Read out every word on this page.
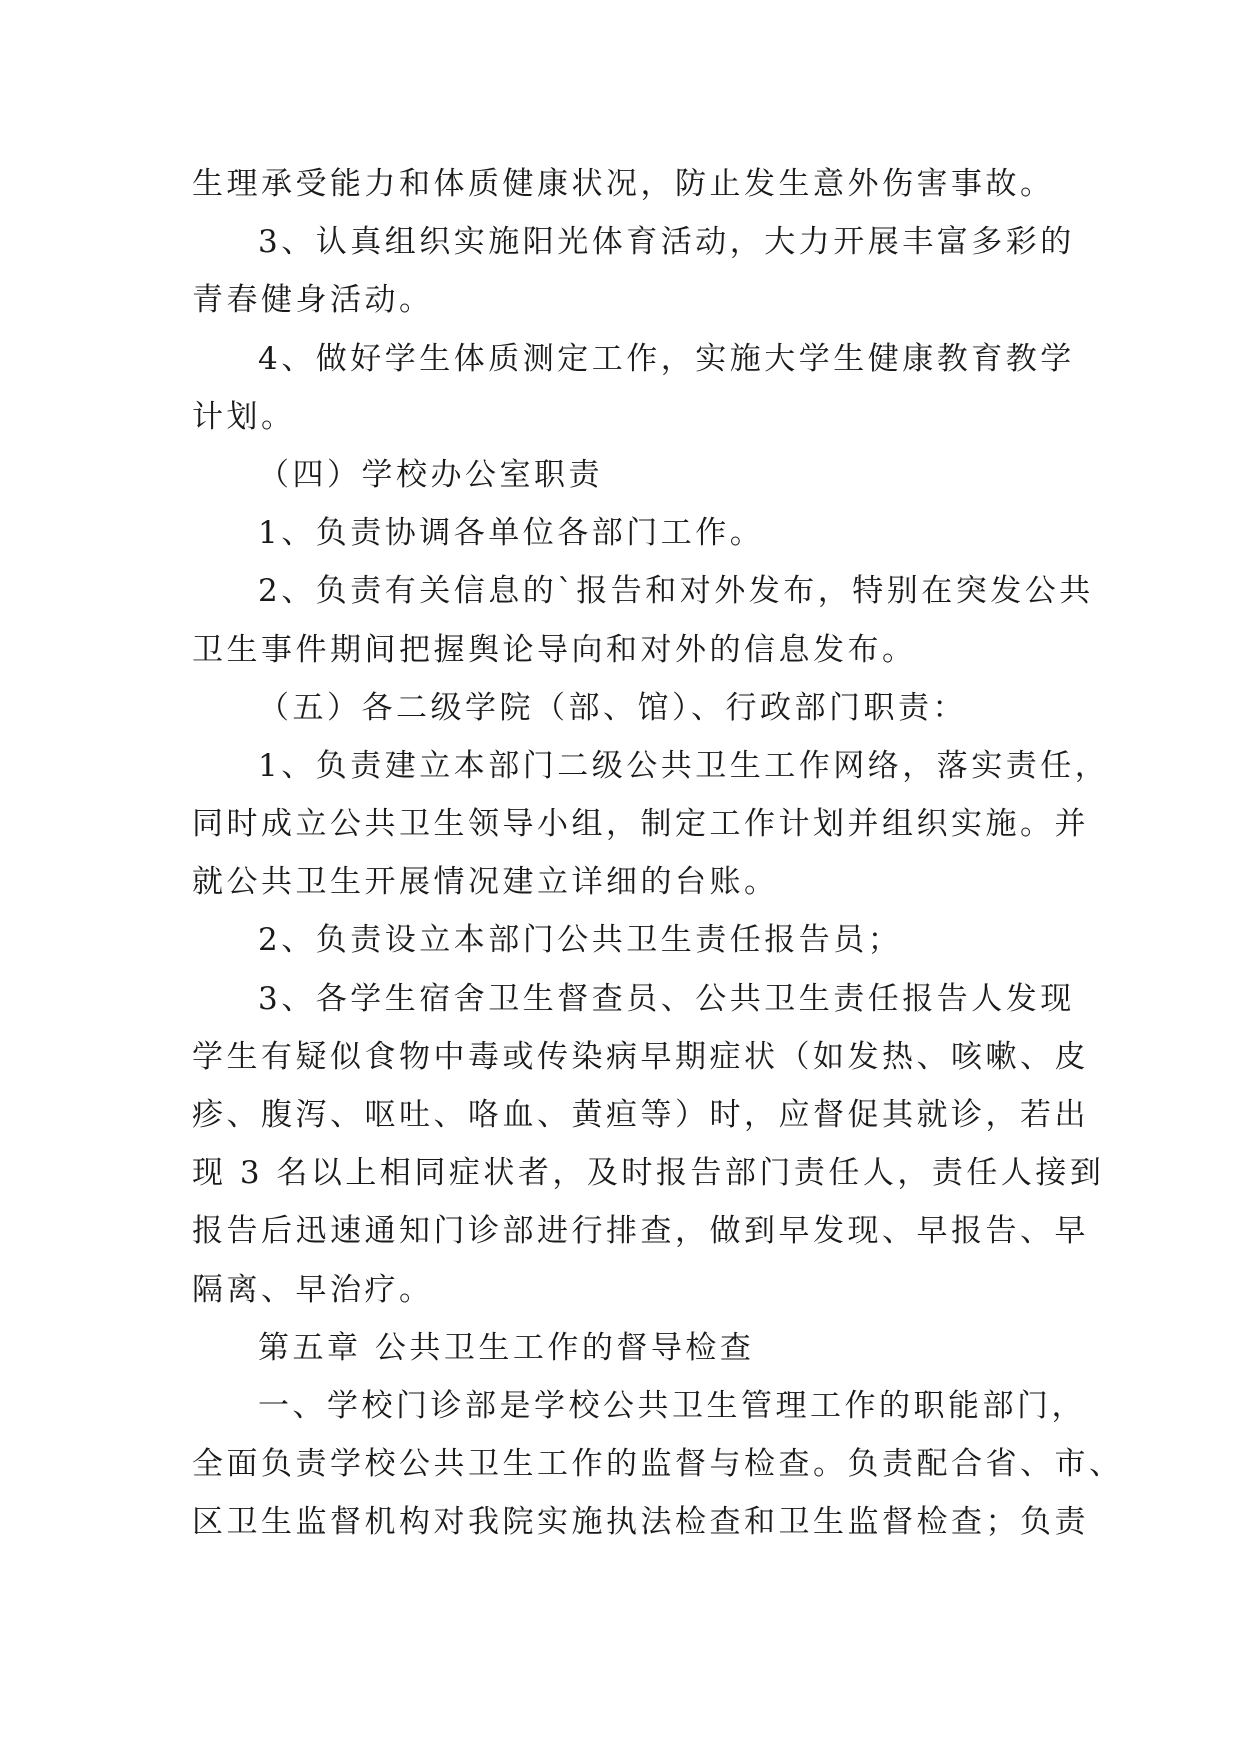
生理承受能力和体质健康状况，防止发生意外伤害事故。
3、认真组织实施阳光体育活动，大力开展丰富多彩的
青春健身活动。
4、做好学生体质测定工作，实施大学生健康教育教学
计划。
（四）学校办公室职责
1、负责协调各单位各部门工作。
2、负责有关信息的`报告和对外发布，特别在突发公共
卫生事件期间把握舆论导向和对外的信息发布。
（五）各二级学院（部、馆）、行政部门职责：
1、负责建立本部门二级公共卫生工作网络，落实责任，
同时成立公共卫生领导小组，制定工作计划并组织实施。并
就公共卫生开展情况建立详细的台账。
2、负责设立本部门公共卫生责任报告员；
3、各学生宿舍卫生督查员、公共卫生责任报告人发现
学生有疑似食物中毒或传染病早期症状（如发热、咳嗽、皮
疹、腹泻、呕吐、咯血、黄疸等）时，应督促其就诊，若出
现 3 名以上相同症状者，及时报告部门责任人，责任人接到
报告后迅速通知门诊部进行排查，做到早发现、早报告、早
隔离、早治疗。
第五章 公共卫生工作的督导检查
一、学校门诊部是学校公共卫生管理工作的职能部门，
全面负责学校公共卫生工作的监督与检查。负责配合省、市、
区卫生监督机构对我院实施执法检查和卫生监督检查；负责
